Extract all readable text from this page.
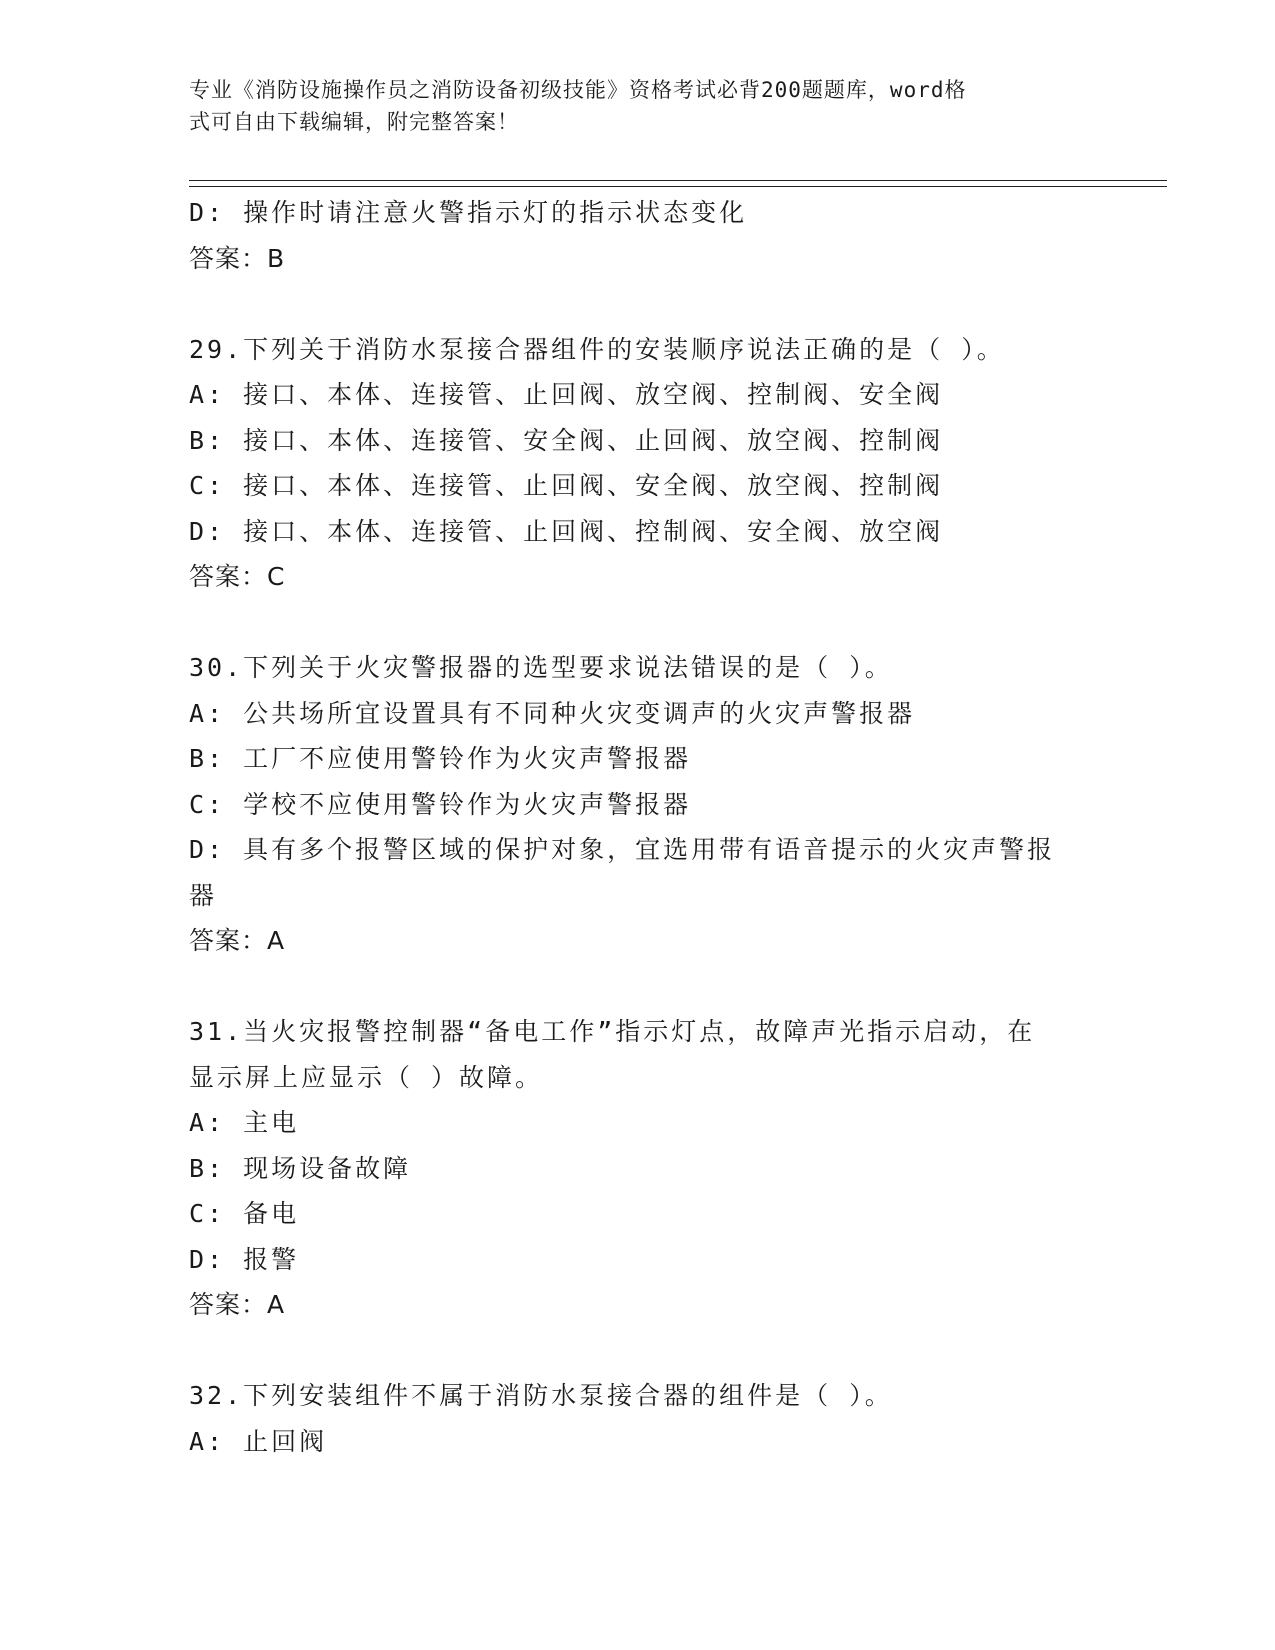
专业《消防设施操作员之消防设备初级技能》资格考试必背200题题库，word格
式可自由下载编辑，附完整答案！
D: 操作时请注意火警指示灯的指示状态变化
答案：B
29.下列关于消防水泵接合器组件的安装顺序说法正确的是（ ）。
A: 接口、本体、连接管、止回阀、放空阀、控制阀、安全阀
B: 接口、本体、连接管、安全阀、止回阀、放空阀、控制阀
C: 接口、本体、连接管、止回阀、安全阀、放空阀、控制阀
D: 接口、本体、连接管、止回阀、控制阀、安全阀、放空阀
答案：C
30.下列关于火灾警报器的选型要求说法错误的是（ ）。
A: 公共场所宜设置具有不同种火灾变调声的火灾声警报器
B: 工厂不应使用警铃作为火灾声警报器
C: 学校不应使用警铃作为火灾声警报器
D: 具有多个报警区域的保护对象，宜选用带有语音提示的火灾声警报
器
答案：A
31.当火灾报警控制器“备电工作”指示灯点，故障声光指示启动，在
显示屏上应显示（ ）故障。
A: 主电
B: 现场设备故障
C: 备电
D: 报警
答案：A
32.下列安装组件不属于消防水泵接合器的组件是（ ）。
A: 止回阀
